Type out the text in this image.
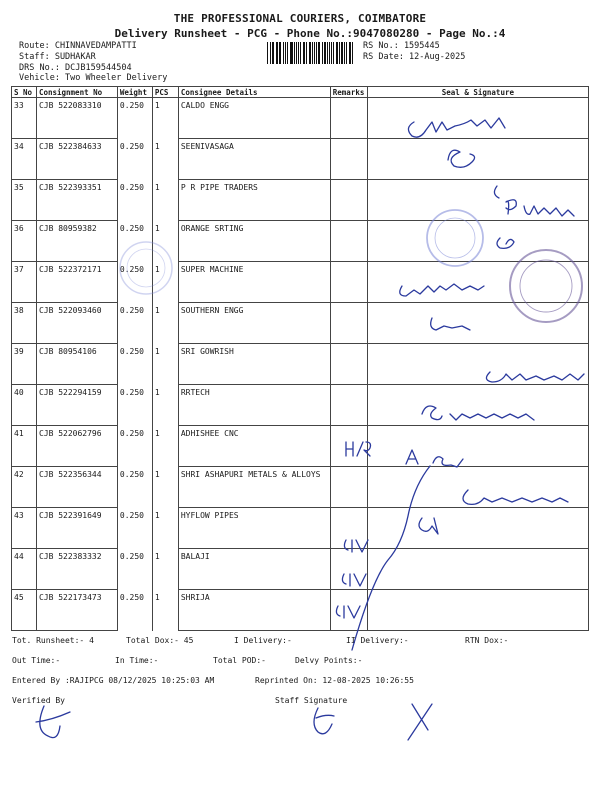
THE PROFESSIONAL COURIERS, COIMBATORE
Delivery Runsheet - PCG - Phone No.:9047080280 - Page No.:4
Route: CHINNAVEDAMPATTI
Staff: SUDHAKAR
DRS No.: DCJB159544504
Vehicle: Two Wheeler Delivery
RS No.: 1595445
RS Date: 12-Aug-2025
S No	Consignment No	Weight	PCS	Consignee Details	Remarks	Seal & Signature
33	CJB 522083310	0.250	1	CALDO ENGG		
34	CJB 522384633	0.250	1	SEENIVASAGA		
35	CJB 522393351	0.250	1	P R PIPE TRADERS		
36	CJB 80959382	0.250	1	ORANGE SRTING		
37	CJB 522372171	0.250	1	SUPER MACHINE		
38	CJB 522093460	0.250	1	SOUTHERN ENGG		
39	CJB 80954106	0.250	1	SRI GOWRISH		
40	CJB 522294159	0.250	1	RRTECH		
41	CJB 522062796	0.250	1	ADHISHEE CNC		
42	CJB 522356344	0.250	1	SHRI ASHAPURI METALS & ALLOYS		
43	CJB 522391649	0.250	1	HYFLOW PIPES		
44	CJB 522383332	0.250	1	BALAJI		
45	CJB 522173473	0.250	1	SHRIJA		
Tot. Runsheet:- 4	Total Dox:- 45	I Delivery:-	II Delivery:-	RTN Dox:-
Out Time:-	In Time:-	Total POD:-	Delvy Points:-
Entered By :RAJIPCG 08/12/2025 10:25:03 AM	Reprinted On: 12-08-2025 10:26:55
Verified By	Staff Signature
